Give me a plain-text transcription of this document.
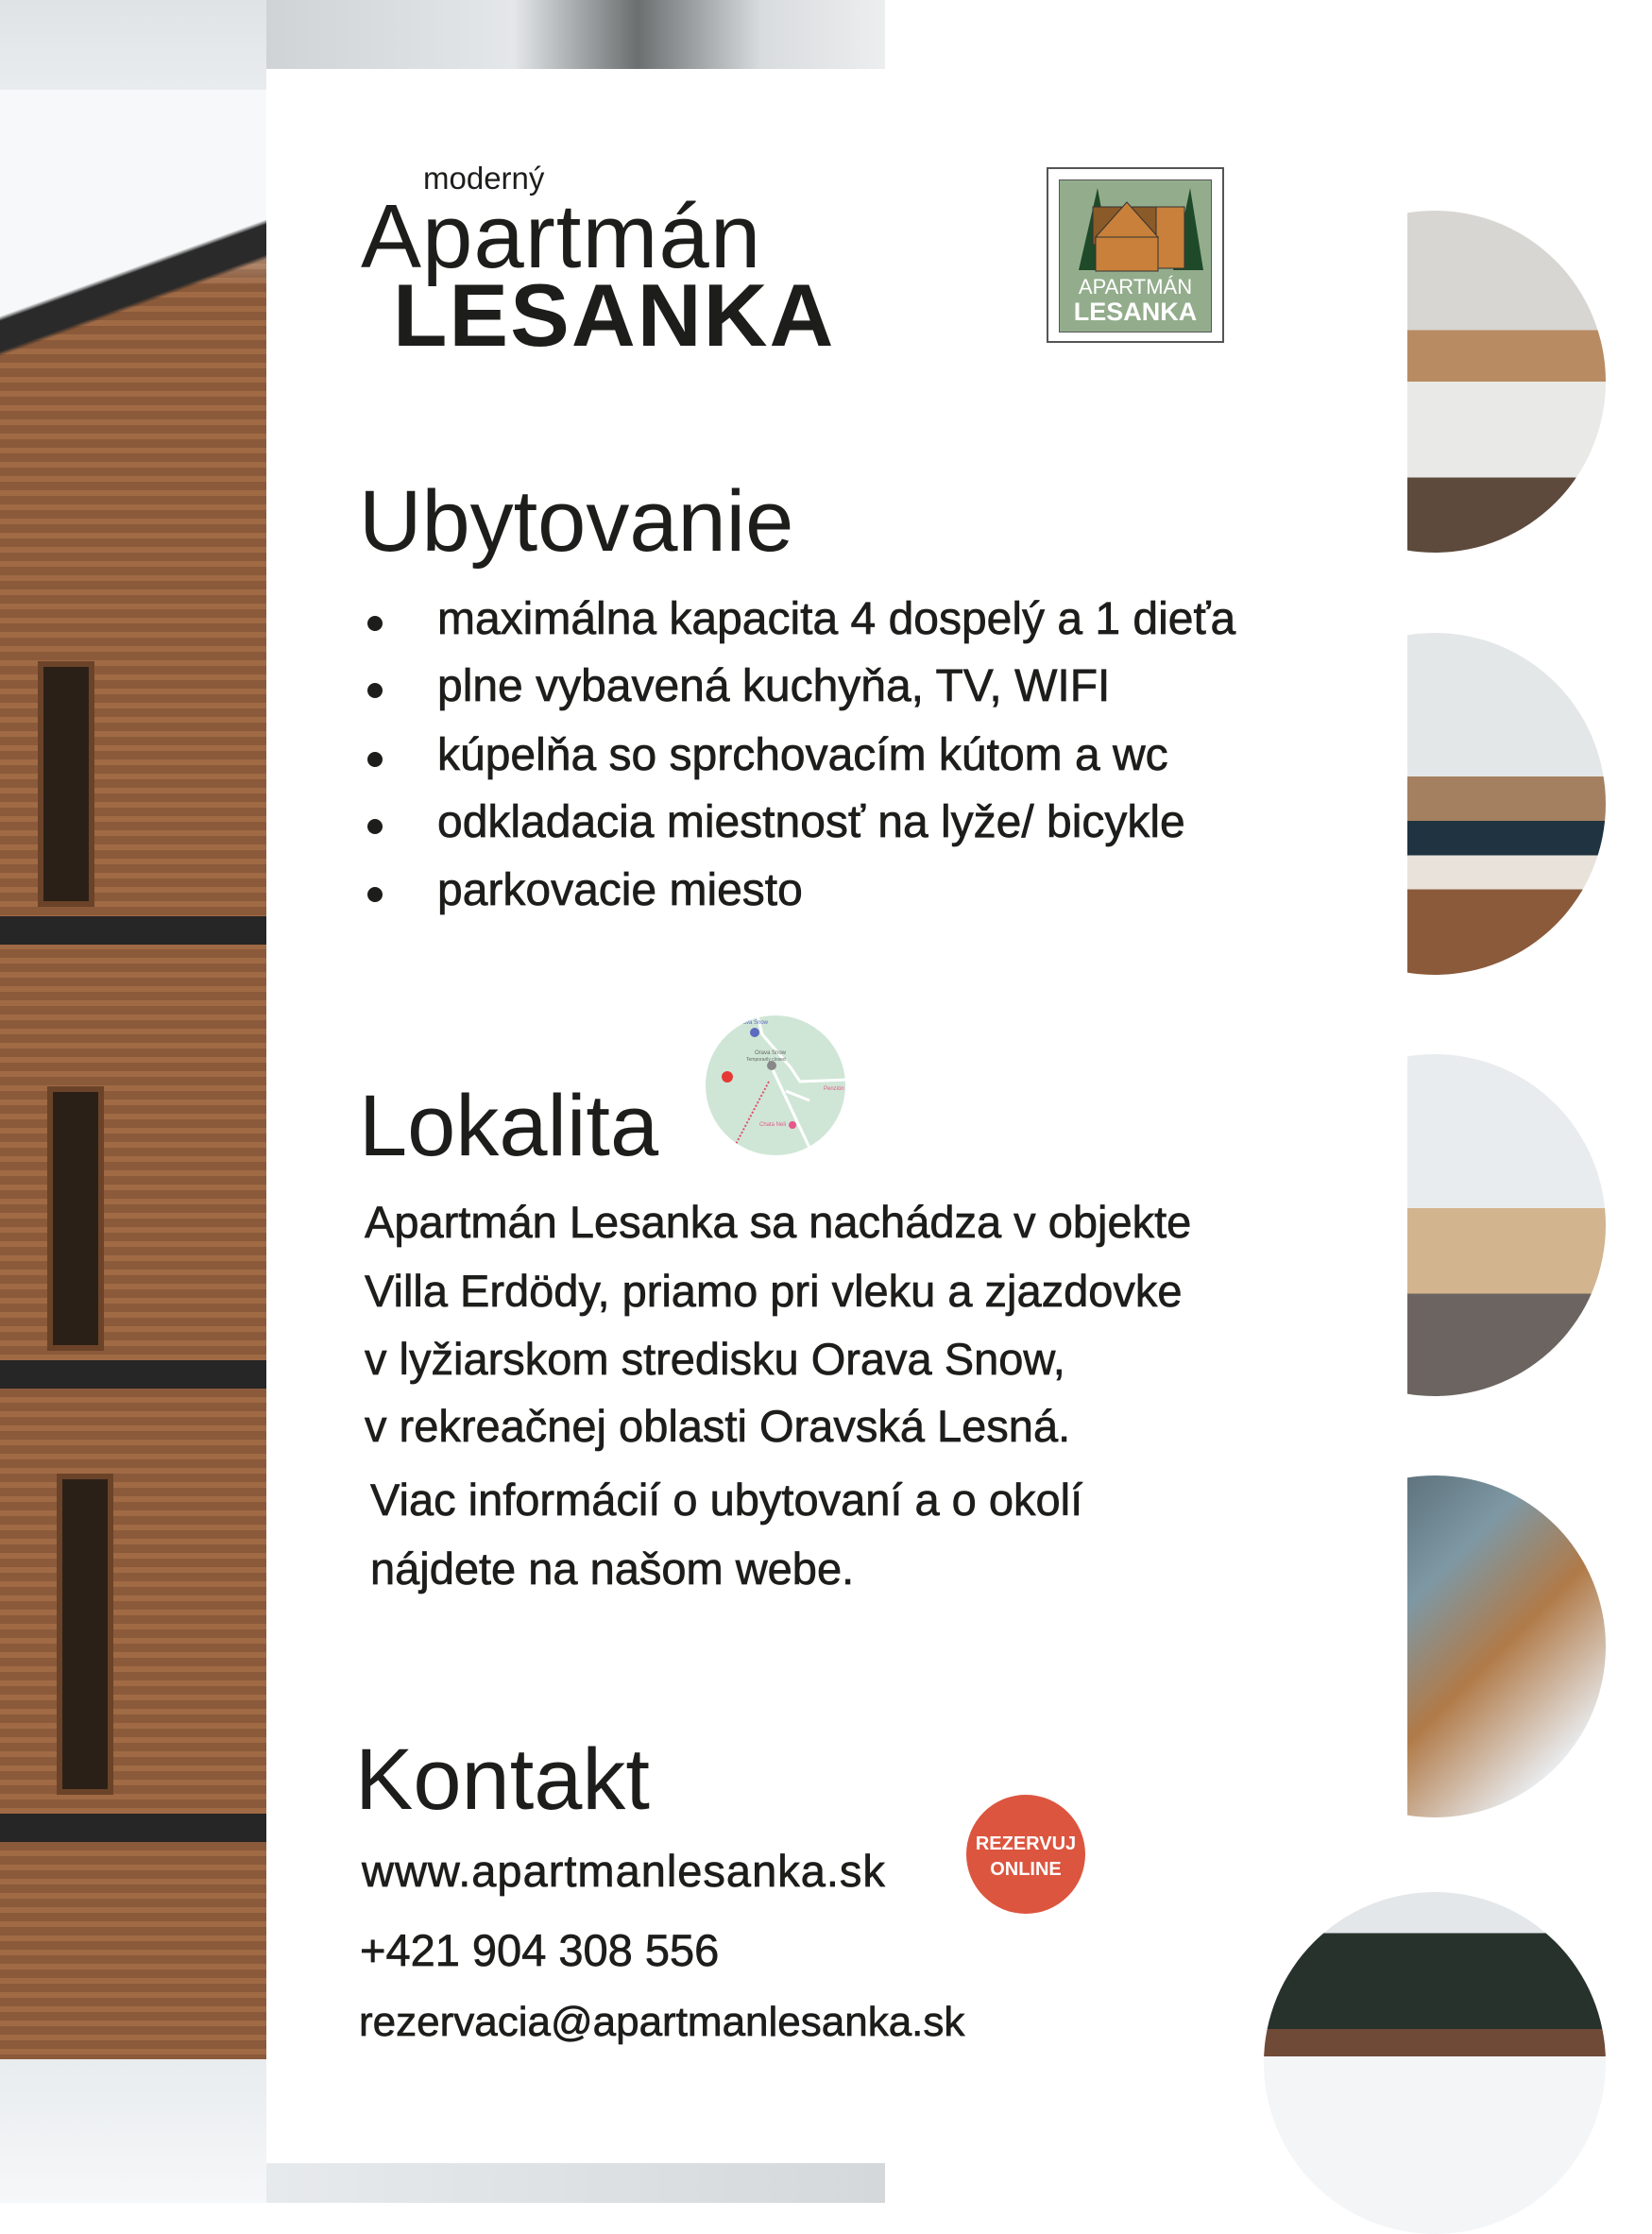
moderný
Apartmán
LESANKA	APARTMÁN
LESANKA
Ubytovanie
maximálna kapacita 4 dospelý a 1 dieťa
plne vybavená kuchyňa, TV, WIFI
kúpelňa so sprchovacím kútom a wc
odkladacia miestnosť na lyže/ bicykle
parkovacie miesto
Lokalita
Orava Snow
Orava Snow
Temporarily closed
Penzión
Chata Neli
Apartmán Lesanka sa nachádza v objekte
Villa Erdödy, priamo pri vleku a zjazdovke
v lyžiarskom stredisku Orava Snow,
v rekreačnej oblasti Oravská Lesná.
Viac informácií o ubytovaní a o okolí
nájdete na našom webe.
Kontakt
www.apartmanlesanka.sk
+421 904 308 556
rezervacia@apartmanlesanka.sk
REZERVUJ
ONLINE
